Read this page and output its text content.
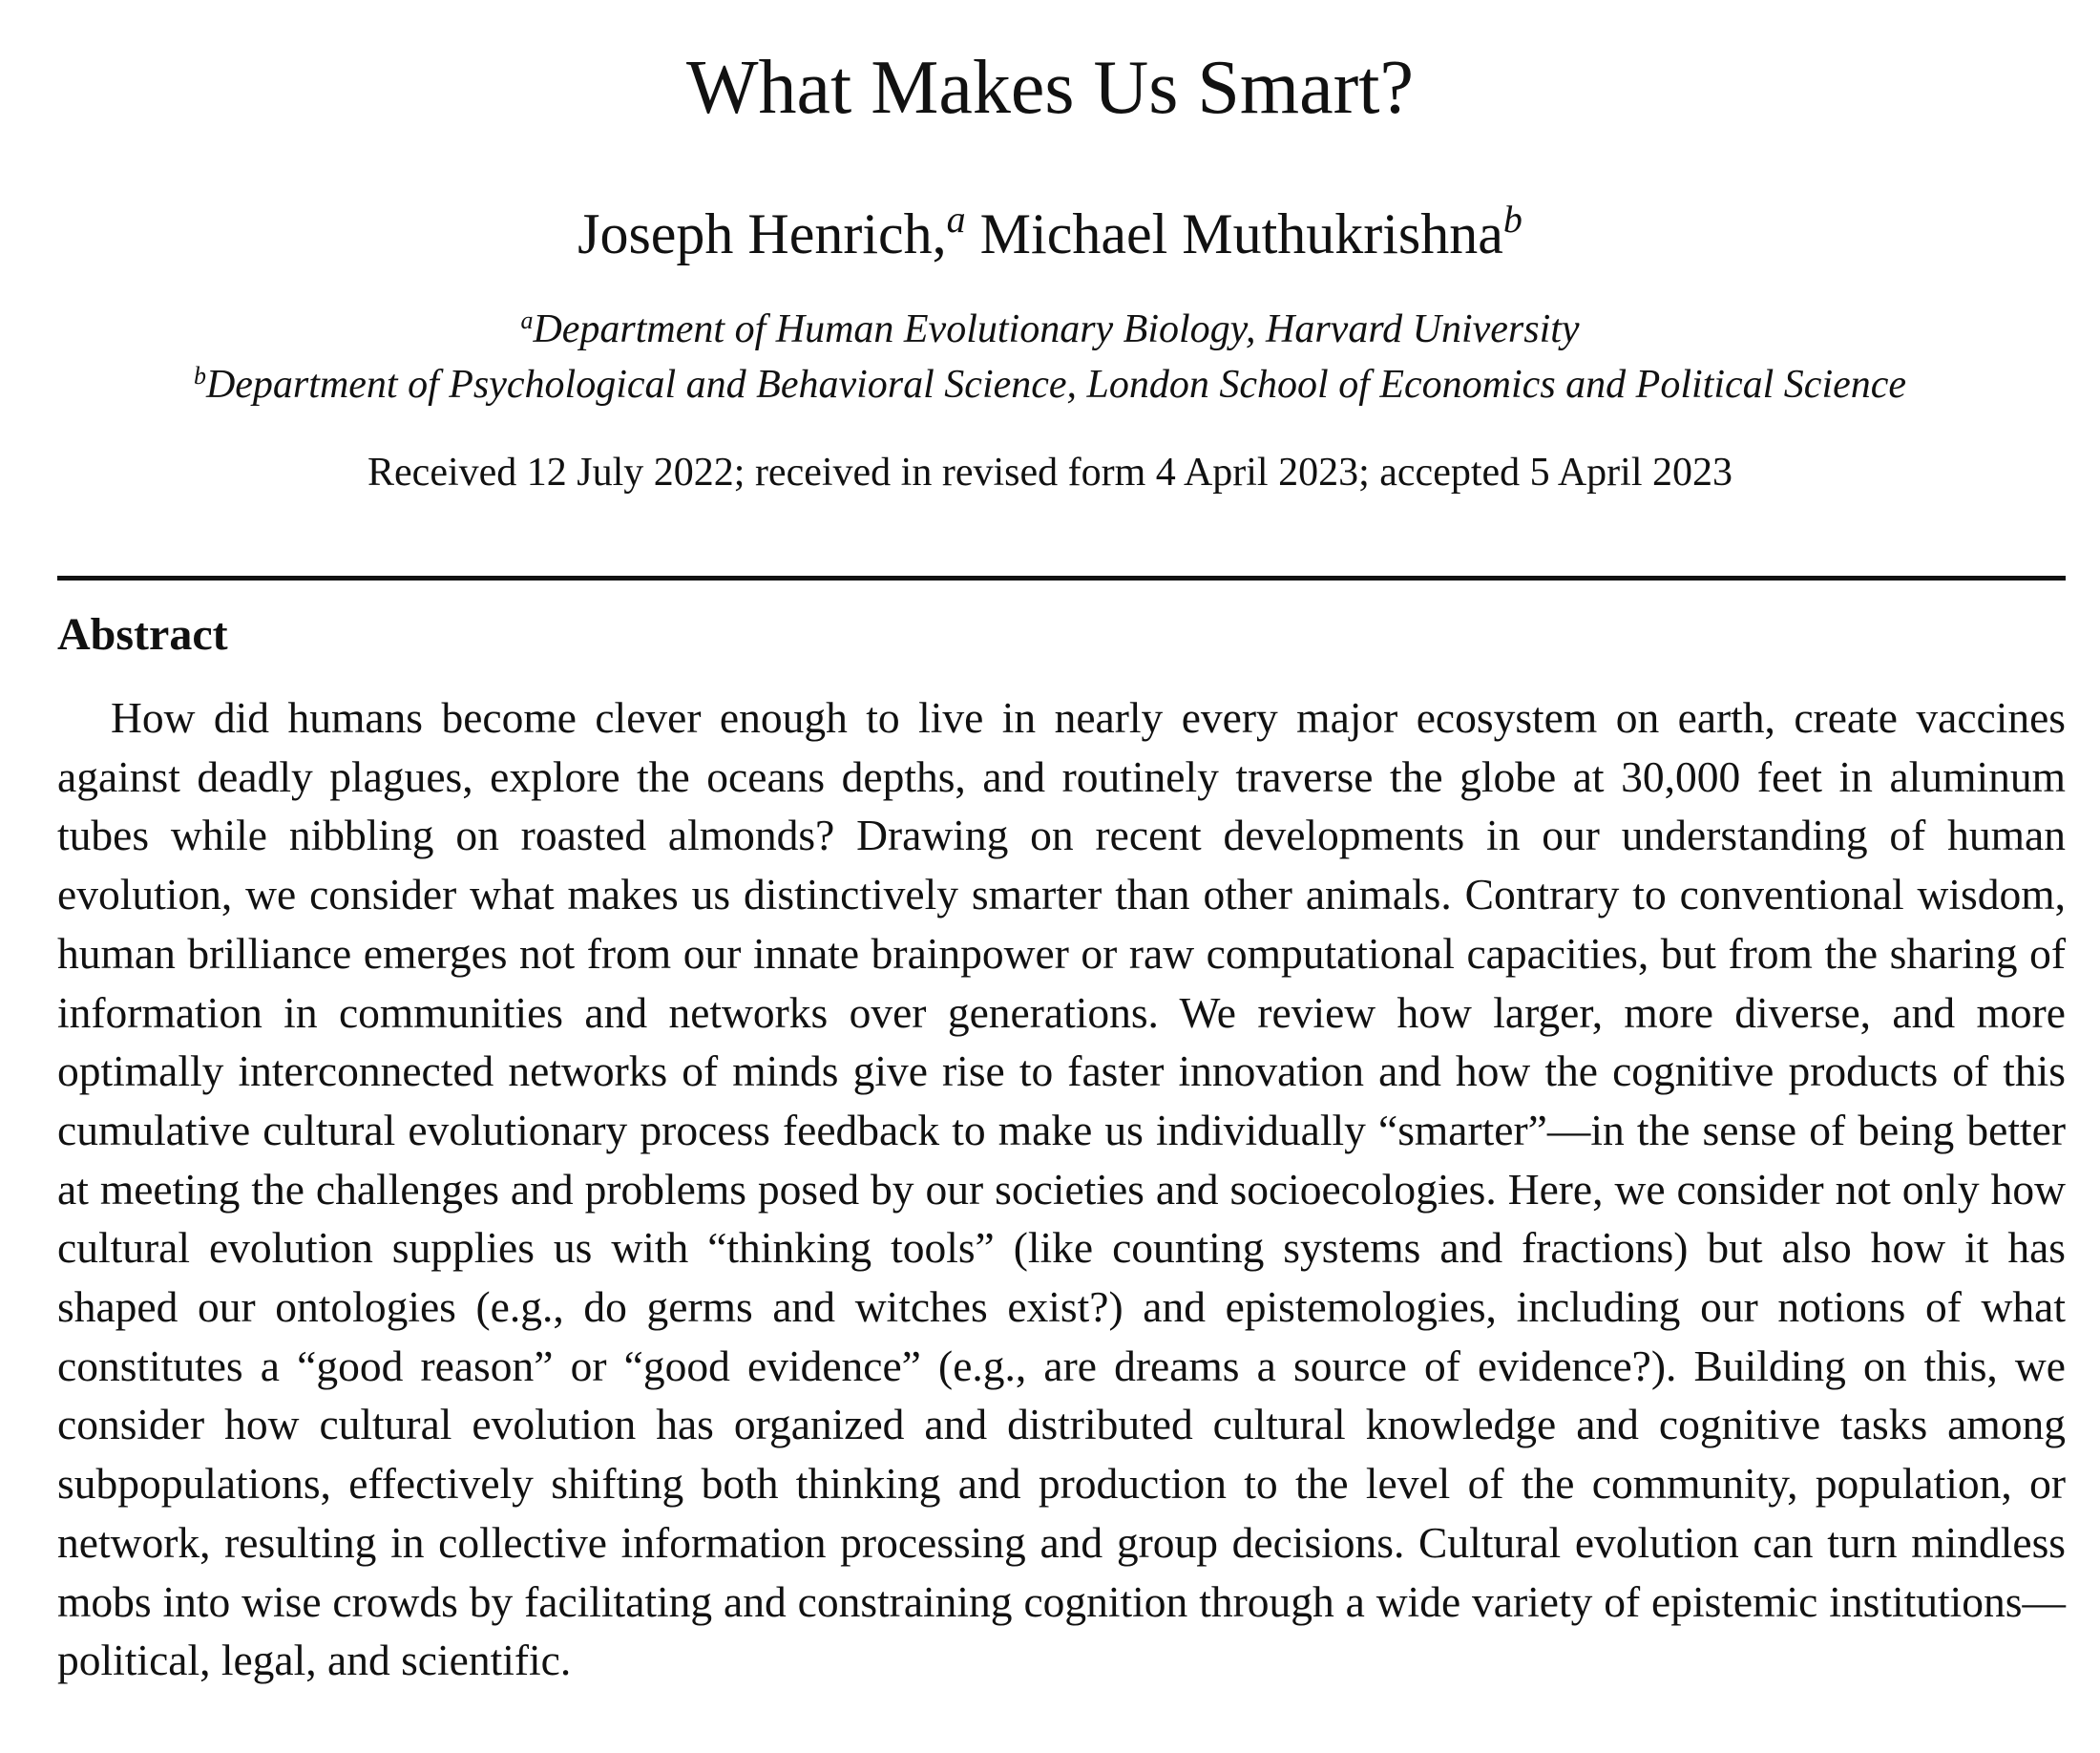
What Makes Us Smart?
Joseph Henrich,$^a$ Michael Muthukrishna$^b$
$^a$Department of Human Evolutionary Biology, Harvard University
$^b$Department of Psychological and Behavioral Science, London School of Economics and Political Science
Received 12 July 2022; received in revised form 4 April 2023; accepted 5 April 2023
Abstract

How did humans become clever enough to live in nearly every major ecosystem on earth, create vaccines against deadly plagues, explore the oceans depths, and routinely traverse the globe at 30,000 feet in aluminum tubes while nibbling on roasted almonds? Drawing on recent developments in our understanding of human evolution, we consider what makes us distinctively smarter than other animals. Contrary to conventional wisdom, human brilliance emerges not from our innate brainpower or raw computational capacities, but from the sharing of information in communities and networks over generations. We review how larger, more diverse, and more optimally interconnected networks of minds give rise to faster innovation and how the cognitive products of this cumulative cultural evolutionary process feedback to make us individually “smarter”—in the sense of being better at meeting the challenges and problems posed by our societies and socioecologies. Here, we consider not only how cultural evolution supplies us with “thinking tools” (like counting systems and fractions) but also how it has shaped our ontologies (e.g., do germs and witches exist?) and epistemologies, including our notions of what constitutes a “good reason” or “good evidence” (e.g., are dreams a source of evidence?). Building on this, we consider how cultural evolution has organized and distributed cultural knowledge and cognitive tasks among subpopulations, effectively shifting both thinking and production to the level of the community, population, or network, resulting in collective information processing and group decisions. Cultural evolution can turn mindless mobs into wise crowds by facilitating and constraining cognition through a wide variety of epistemic institutions—political, legal, and scientific.
